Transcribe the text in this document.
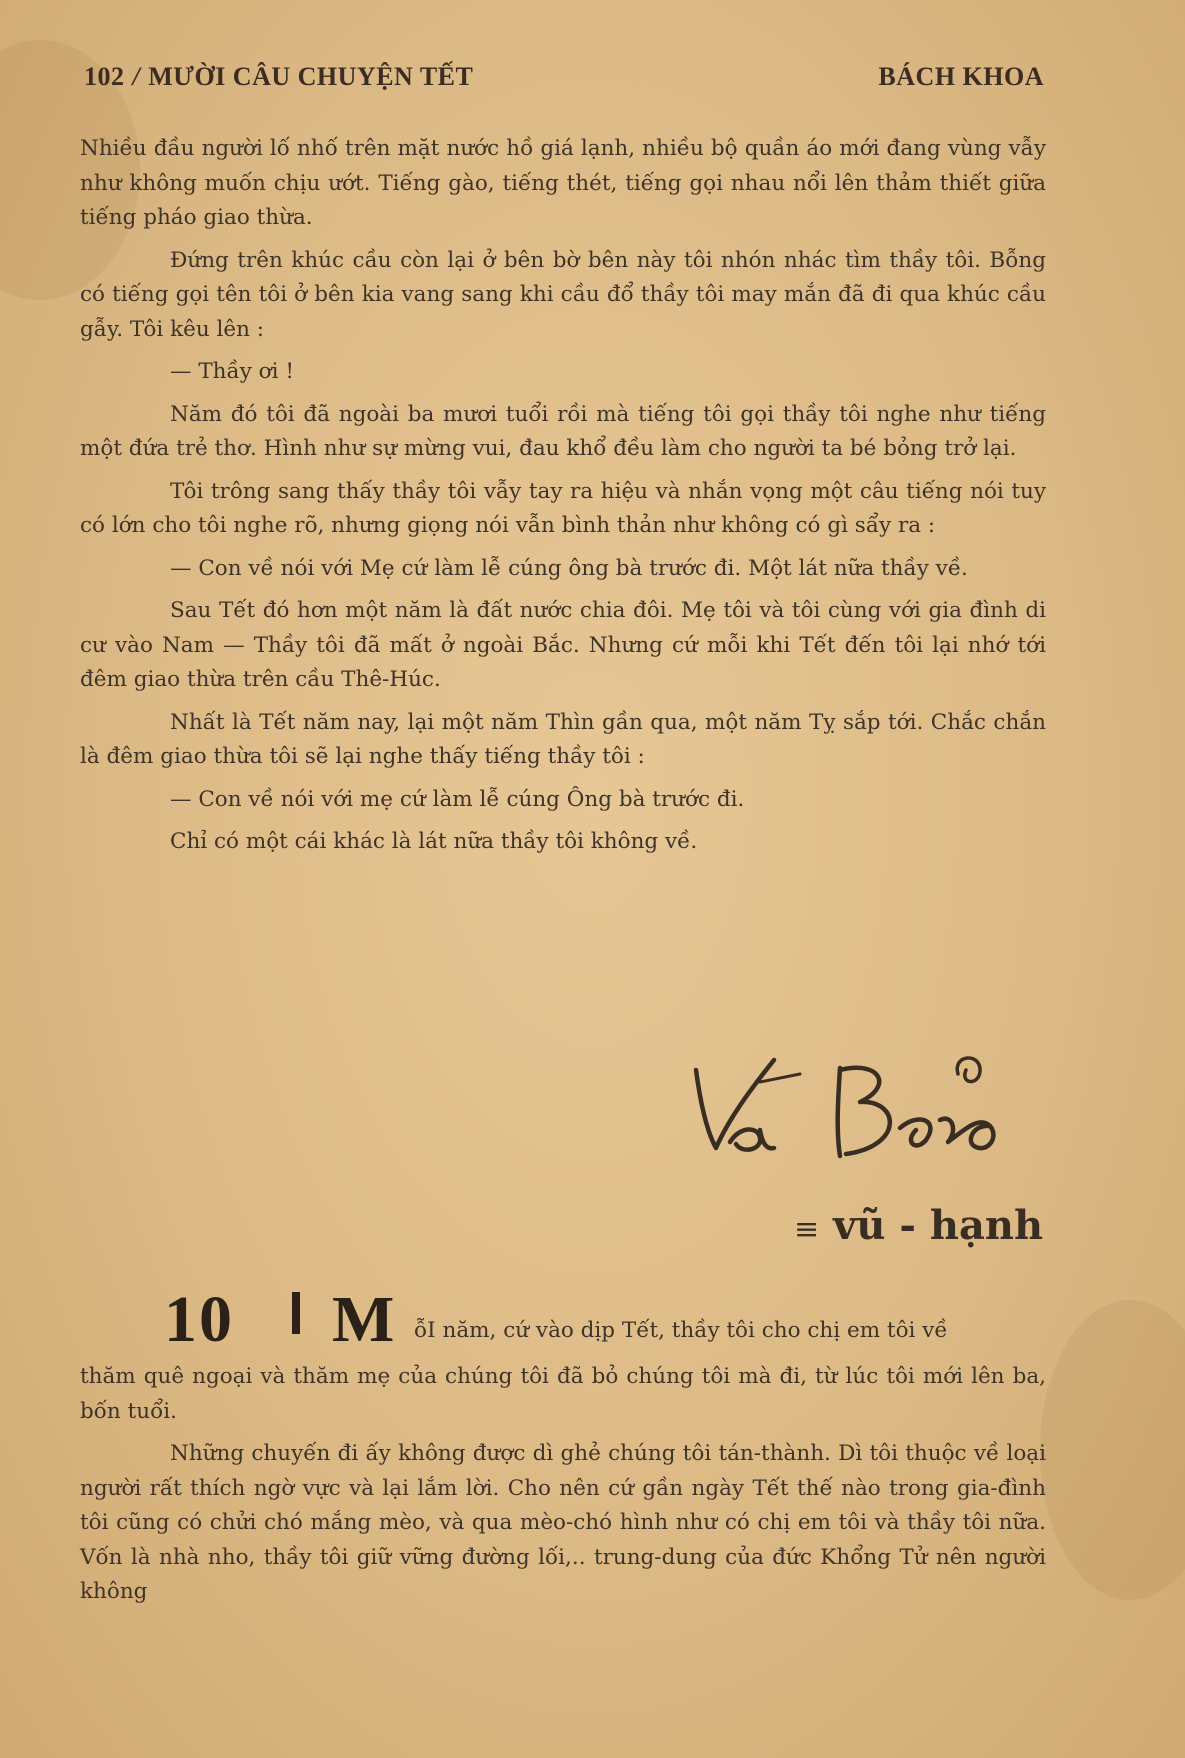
102 / MƯỜI CÂU CHUYỆN TẾT	BÁCH KHOA

Nhiều đầu người lố nhố trên mặt nước hồ giá lạnh, nhiều bộ quần áo mới đang vùng vẫy như không muốn chịu ướt. Tiếng gào, tiếng thét, tiếng gọi nhau nổi lên thảm thiết giữa tiếng pháo giao thừa.

Đứng trên khúc cầu còn lại ở bên bờ bên này tôi nhón nhác tìm thầy tôi. Bỗng có tiếng gọi tên tôi ở bên kia vang sang khi cầu đổ thầy tôi may mắn đã đi qua khúc cầu gẫy. Tôi kêu lên :

— Thầy ơi !

Năm đó tôi đã ngoài ba mươi tuổi rồi mà tiếng tôi gọi thầy tôi nghe như tiếng một đứa trẻ thơ. Hình như sự mừng vui, đau khổ đều làm cho người ta bé bỏng trở lại.

Tôi trông sang thấy thầy tôi vẫy tay ra hiệu và nhắn vọng một câu tiếng nói tuy có lớn cho tôi nghe rõ, nhưng giọng nói vẫn bình thản như không có gì sẩy ra :

— Con về nói với Mẹ cứ làm lễ cúng ông bà trước đi. Một lát nữa thầy về.

Sau Tết đó hơn một năm là đất nước chia đôi. Mẹ tôi và tôi cùng với gia đình di cư vào Nam — Thầy tôi đã mất ở ngoài Bắc. Nhưng cứ mỗi khi Tết đến tôi lại nhớ tới đêm giao thừa trên cầu Thê-Húc.

Nhất là Tết năm nay, lại một năm Thìn gần qua, một năm Tỵ sắp tới. Chắc chắn là đêm giao thừa tôi sẽ lại nghe thấy tiếng thầy tôi :

— Con về nói với mẹ cứ làm lễ cúng Ông bà trước đi.

Chỉ có một cái khác là lát nữa thầy tôi không về.

≡ vũ - hạnh
10 M ỗI năm, cứ vào dịp Tết, thầy tôi cho chị em tôi về

thăm quê ngoại và thăm mẹ của chúng tôi đã bỏ chúng tôi mà đi, từ lúc tôi mới lên ba, bốn tuổi.

Những chuyến đi ấy không được dì ghẻ chúng tôi tán-thành. Dì tôi thuộc về loại người rất thích ngờ vực và lại lắm lời. Cho nên cứ gần ngày Tết thế nào trong gia-đình tôi cũng có chửi chó mắng mèo, và qua mèo-chó hình như có chị em tôi và thầy tôi nữa. Vốn là nhà nho, thầy tôi giữ vững đường lối,.. trung-dung của đức Khổng Tử nên người không
